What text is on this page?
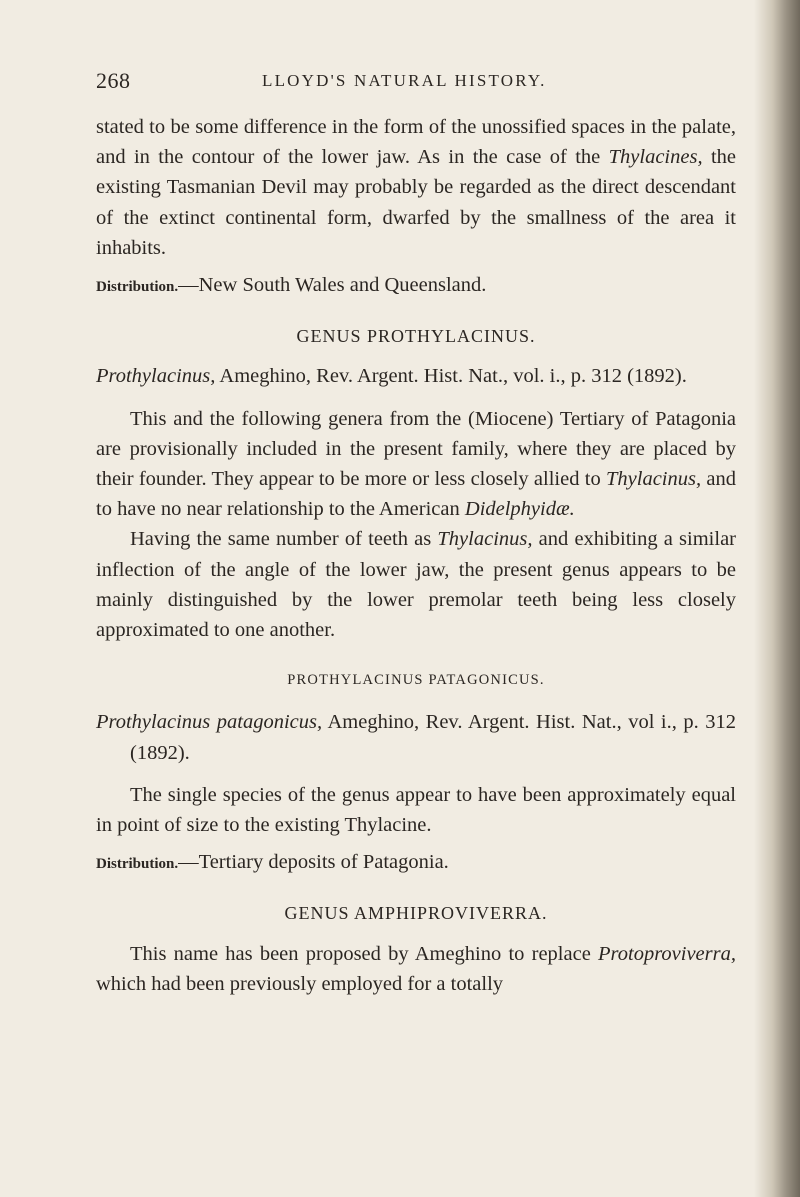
268	LLOYD'S NATURAL HISTORY.

stated to be some difference in the form of the unossified spaces in the palate, and in the contour of the lower jaw. As in the case of the Thylacines, the existing Tasmanian Devil may probably be regarded as the direct descendant of the extinct continental form, dwarfed by the smallness of the area it inhabits.

Distribution.—New South Wales and Queensland.

GENUS PROTHYLACINUS.

Prothylacinus, Ameghino, Rev. Argent. Hist. Nat., vol. i., p. 312 (1892).

This and the following genera from the (Miocene) Tertiary of Patagonia are provisionally included in the present family, where they are placed by their founder. They appear to be more or less closely allied to Thylacinus, and to have no near relationship to the American Didelphyidæ.

Having the same number of teeth as Thylacinus, and exhibiting a similar inflection of the angle of the lower jaw, the present genus appears to be mainly distinguished by the lower premolar teeth being less closely approximated to one another.

PROTHYLACINUS PATAGONICUS.

Prothylacinus patagonicus, Ameghino, Rev. Argent. Hist. Nat., vol i., p. 312 (1892).

The single species of the genus appear to have been approximately equal in point of size to the existing Thylacine.

Distribution.—Tertiary deposits of Patagonia.

GENUS AMPHIPROVIVERRA.

This name has been proposed by Ameghino to replace Protoproviverra, which had been previously employed for a totally
